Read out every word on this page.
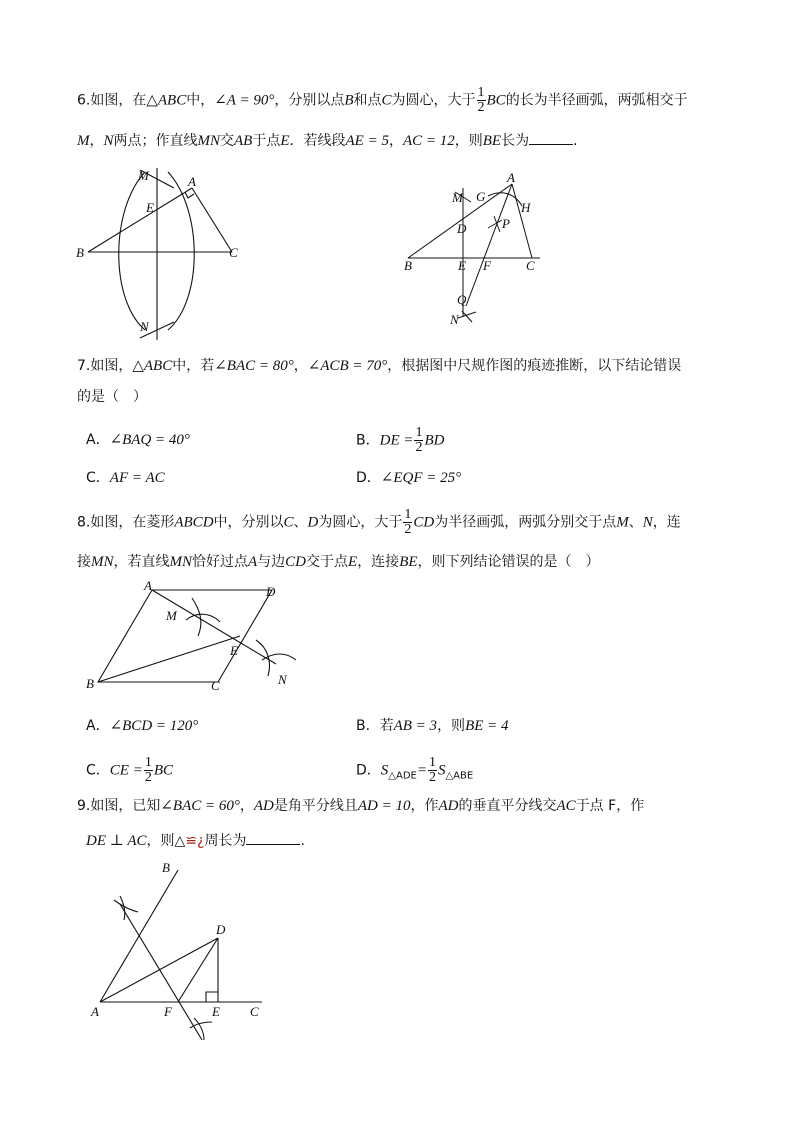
6.如图，在△ABC中，∠A = 90°，分别以点B和点C为圆心，大于 $\frac{1}{2}$ BC的长为半径画弧，两弧相交于
M，N两点；作直线MN交AB于点E．若线段AE = 5，AC = 12，则BE长为	.
M	A
E
B	C
N
A
M G
H
D	P
B	E F	C
Q
N
7.如图，△ABC中，若∠BAC = 80°，∠ACB = 70°，根据图中尺规作图的痕迹推断，以下结论错误
的是（　）
A．∠BAQ = 40°	B．DE = $\frac{1}{2}$ BD
C．AF = AC	D．∠EQF = 25°
8.如图，在菱形ABCD中，分别以C、D为圆心，大于 $\frac{1}{2}$ CD为半径画弧，两弧分别交于点M、N，连
接MN，若直线MN恰好过点A与边CD交于点E，连接BE，则下列结论错误的是（　）
A	D
M
E
B	C	N
A．∠BCD = 120°	B．若AB = 3，则BE = 4
C．CE = $\frac{1}{2}$ BC	D．$S_{\triangle ADE}= \frac{1}{2} S_{\triangle ABE}$
9.如图，已知∠BAC = 60°，AD是角平分线且AD = 10，作AD的垂直平分线交AC于点 F，作
DE ⊥ AC，则△≌¿周长为	.
B
D
A	F	E C
